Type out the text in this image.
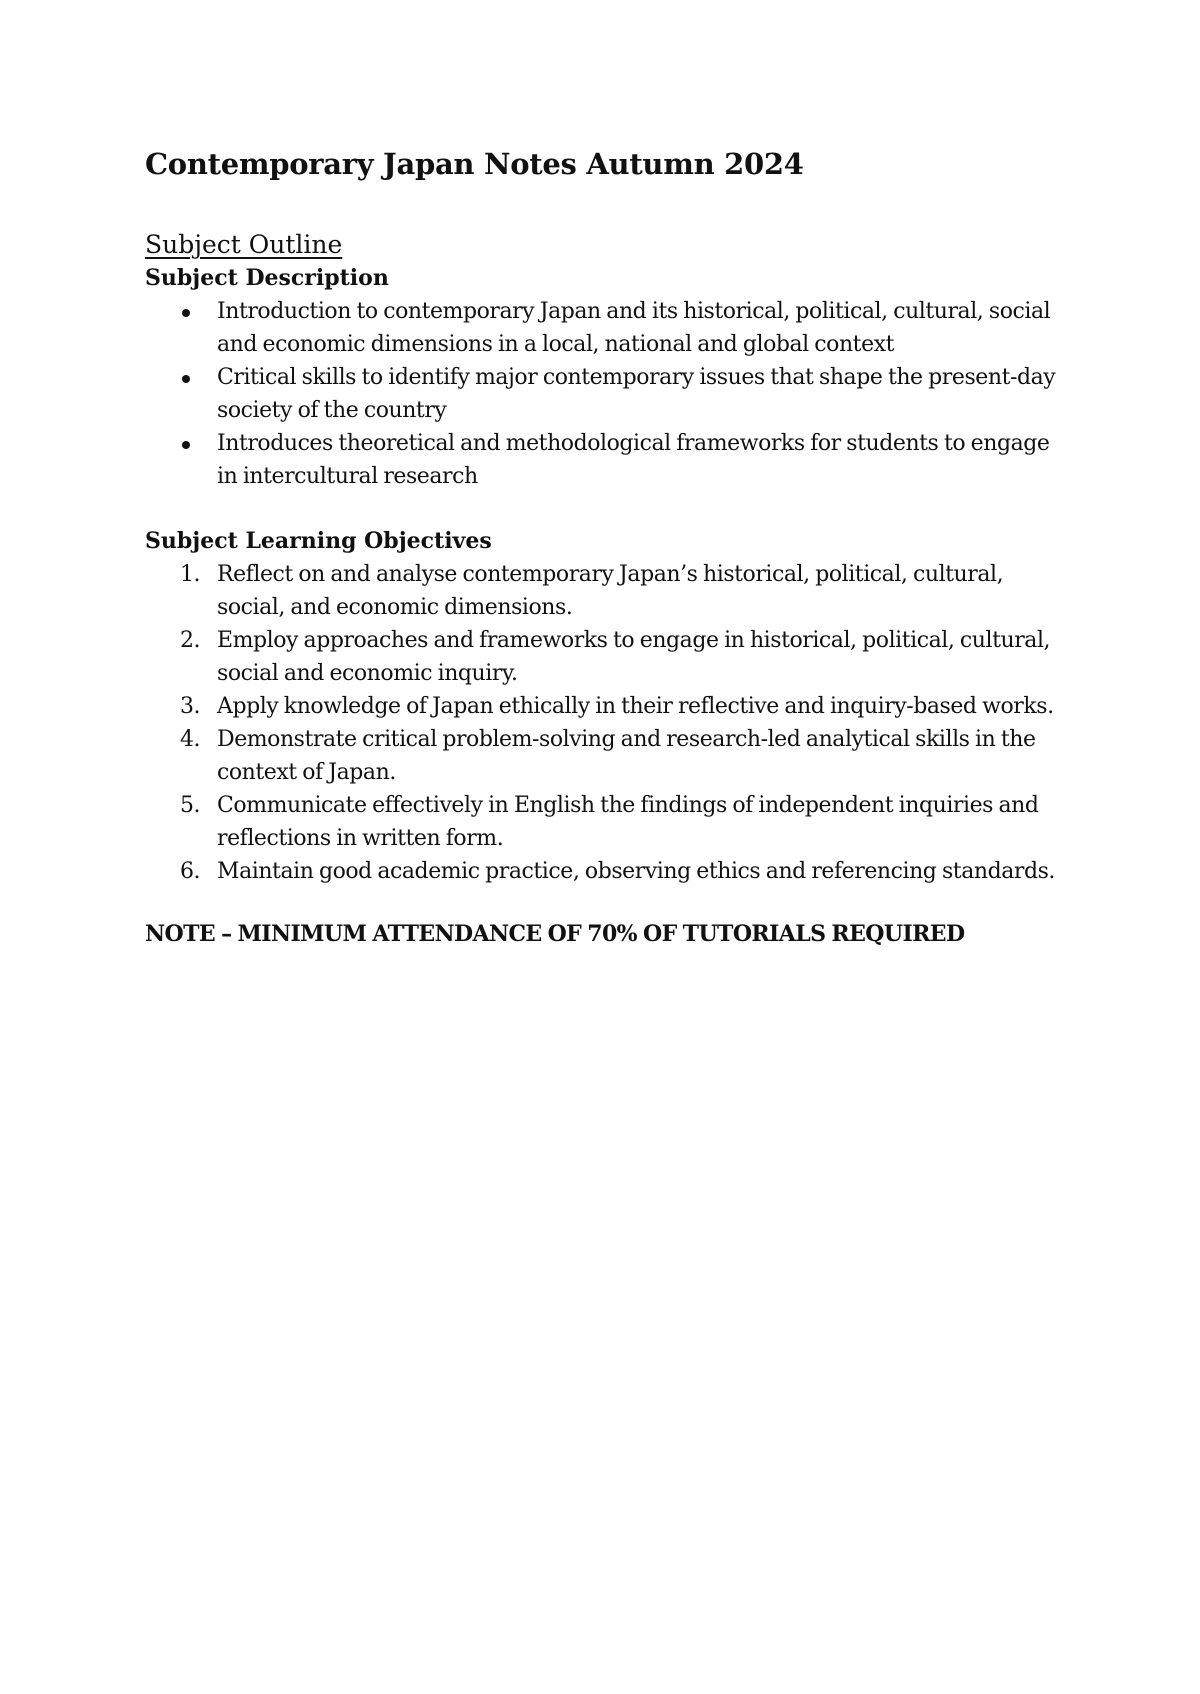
Contemporary Japan Notes Autumn 2024
Subject Outline
Subject Description
Introduction to contemporary Japan and its historical, political, cultural, social and economic dimensions in a local, national and global context
Critical skills to identify major contemporary issues that shape the present-day society of the country
Introduces theoretical and methodological frameworks for students to engage in intercultural research
Subject Learning Objectives
1. Reflect on and analyse contemporary Japan’s historical, political, cultural, social, and economic dimensions.
2. Employ approaches and frameworks to engage in historical, political, cultural, social and economic inquiry.
3. Apply knowledge of Japan ethically in their reflective and inquiry-based works.
4. Demonstrate critical problem-solving and research-led analytical skills in the context of Japan.
5. Communicate effectively in English the findings of independent inquiries and reflections in written form.
6. Maintain good academic practice, observing ethics and referencing standards.

NOTE – MINIMUM ATTENDANCE OF 70% OF TUTORIALS REQUIRED
